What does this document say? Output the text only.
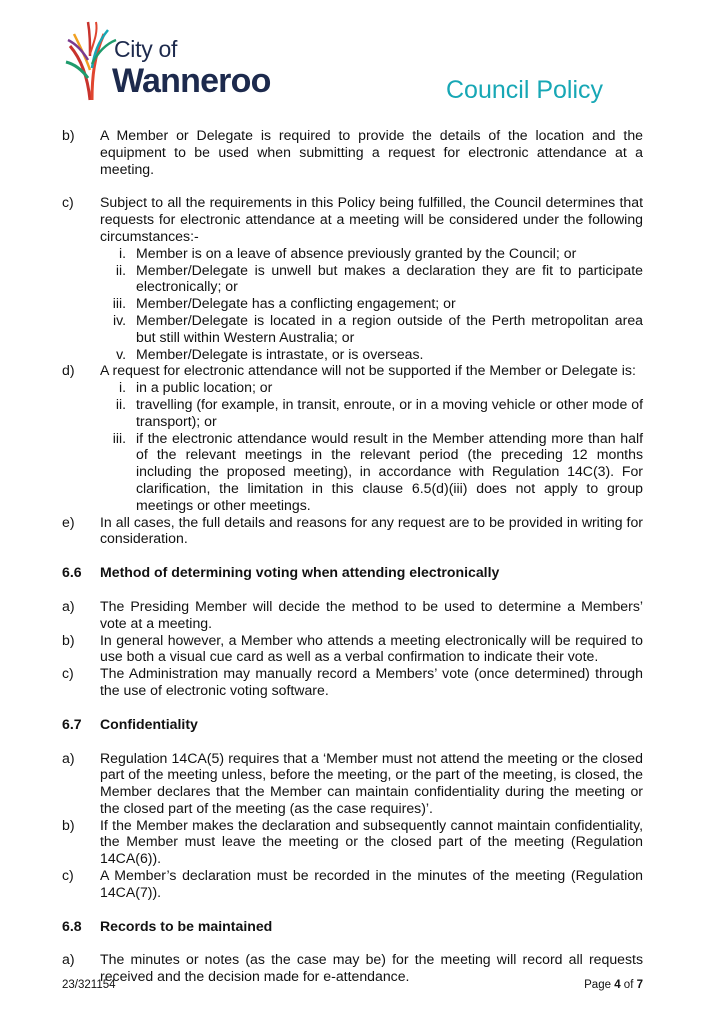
City of
Wanneroo	Council Policy
b)	A Member or Delegate is required to provide the details of the location and the equipment to be used when submitting a request for electronic attendance at a meeting.
c)	Subject to all the requirements in this Policy being fulfilled, the Council determines that requests for electronic attendance at a meeting will be considered under the following circumstances:-
i. Member is on a leave of absence previously granted by the Council; or
ii. Member/Delegate is unwell but makes a declaration they are fit to participate electronically; or
iii. Member/Delegate has a conflicting engagement; or
iv. Member/Delegate is located in a region outside of the Perth metropolitan area but still within Western Australia; or
v. Member/Delegate is intrastate, or is overseas.
d)	A request for electronic attendance will not be supported if the Member or Delegate is:
i. in a public location; or
ii. travelling (for example, in transit, enroute, or in a moving vehicle or other mode of transport); or
iii. if the electronic attendance would result in the Member attending more than half of the relevant meetings in the relevant period (the preceding 12 months including the proposed meeting), in accordance with Regulation 14C(3). For clarification, the limitation in this clause 6.5(d)(iii) does not apply to group meetings or other meetings.
e)	In all cases, the full details and reasons for any request are to be provided in writing for consideration.
6.6	Method of determining voting when attending electronically
a)	The Presiding Member will decide the method to be used to determine a Members’ vote at a meeting.
b)	In general however, a Member who attends a meeting electronically will be required to use both a visual cue card as well as a verbal confirmation to indicate their vote.
c)	The Administration may manually record a Members’ vote (once determined) through the use of electronic voting software.
6.7	Confidentiality
a)	Regulation 14CA(5) requires that a ‘Member must not attend the meeting or the closed part of the meeting unless, before the meeting, or the part of the meeting, is closed, the Member declares that the Member can maintain confidentiality during the meeting or the closed part of the meeting (as the case requires)’.
b)	If the Member makes the declaration and subsequently cannot maintain confidentiality, the Member must leave the meeting or the closed part of the meeting (Regulation 14CA(6)).
c)	A Member’s declaration must be recorded in the minutes of the meeting (Regulation 14CA(7)).
6.8	Records to be maintained
a)	The minutes or notes (as the case may be) for the meeting will record all requests received and the decision made for e-attendance.
23/321154	Page 4 of 7
